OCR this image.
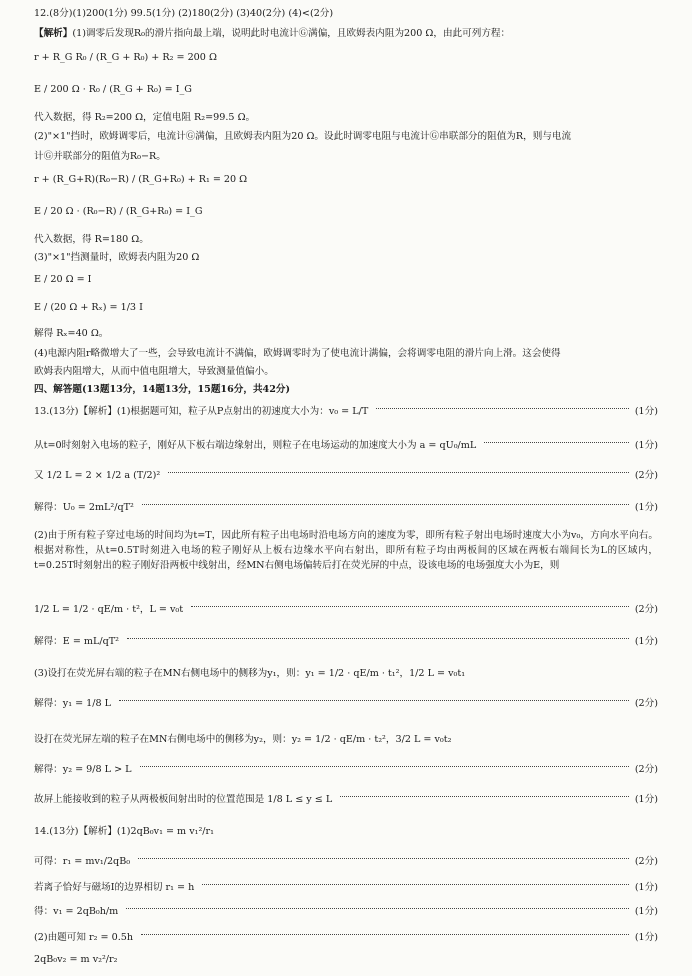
12.(8分)(1)200(1分) 99.5(1分) (2)180(2分) (3)40(2分) (4)<(2分)
【解析】(1)调零后发现R₀的滑片指向最上端，说明此时电流计Ⓖ满偏，且欧姆表内阻为200 Ω，由此可列方程：
r + R_G R₀ / (R_G + R₀) + R₂ = 200 Ω
E / 200 Ω · R₀ / (R_G + R₀) = I_G
代入数据，得 R₂=200 Ω，定值电阻 R₂=99.5 Ω。
(2)"×1"挡时，欧姆调零后，电流计Ⓖ满偏，且欧姆表内阻为20 Ω。设此时调零电阻与电流计Ⓖ串联部分的阻值为R，则与电流
计Ⓖ并联部分的阻值为R₀−R。
r + (R_G+R)(R₀−R) / (R_G+R₀) + R₁ = 20 Ω
E / 20 Ω · (R₀−R) / (R_G+R₀) = I_G
代入数据，得 R=180 Ω。
(3)"×1"挡测量时，欧姆表内阻为20 Ω
E / 20 Ω = I
E / (20 Ω + Rₓ) = 1/3 I
解得 Rₓ=40 Ω。
(4)电源内阻r略微增大了一些，会导致电流计不满偏，欧姆调零时为了使电流计满偏，会将调零电阻的滑片向上滑。这会使得
欧姆表内阻增大，从而中值电阻增大，导致测量值偏小。
四、解答题(13题13分，14题13分，15题16分，共42分)
13.(13分)【解析】(1)根据题可知，粒子从P点射出的初速度大小为：v₀ = L/T	(1分)
从t=0时刻射入电场的粒子，刚好从下板右端边缘射出，则粒子在电场运动的加速度大小为 a = qU₀/mL	(1分)
又 1/2 L = 2 × 1/2 a (T/2)²	(2分)
解得：U₀ = 2mL²/qT²	(1分)
(2)由于所有粒子穿过电场的时间均为t=T，因此所有粒子出电场时沿电场方向的速度为零，即所有粒子射出电场时速度大小为v₀，方向水平向右。根据对称性，从t=0.5T时刻进入电场的粒子刚好从上板右边缘水平向右射出，即所有粒子均由两板间的区域在两板右端间长为L的区域内，t=0.25T时刻射出的粒子刚好沿两板中线射出，经MN右侧电场偏转后打在荧光屏的中点，设该电场的电场强度大小为E，则
1/2 L = 1/2 · qE/m · t²，L = v₀t	(2分)
解得：E = mL/qT²	(1分)
(3)设打在荧光屏右端的粒子在MN右侧电场中的侧移为y₁，则：y₁ = 1/2 · qE/m · t₁²，1/2 L = v₀t₁
解得：y₁ = 1/8 L	(2分)
设打在荧光屏左端的粒子在MN右侧电场中的侧移为y₂，则：y₂ = 1/2 · qE/m · t₂²，3/2 L = v₀t₂
解得：y₂ = 9/8 L > L	(2分)
故屏上能接收到的粒子从两极板间射出时的位置范围是 1/8 L ≤ y ≤ L	(1分)
14.(13分)【解析】(1)2qB₀v₁ = m v₁²/r₁
可得：r₁ = mv₁/2qB₀	(2分)
若离子恰好与磁场Ⅰ的边界相切 r₁ = h	(1分)
得：v₁ = 2qB₀h/m	(1分)
(2)由题可知 r₂ = 0.5h	(1分)
2qB₀v₂ = m v₂²/r₂
